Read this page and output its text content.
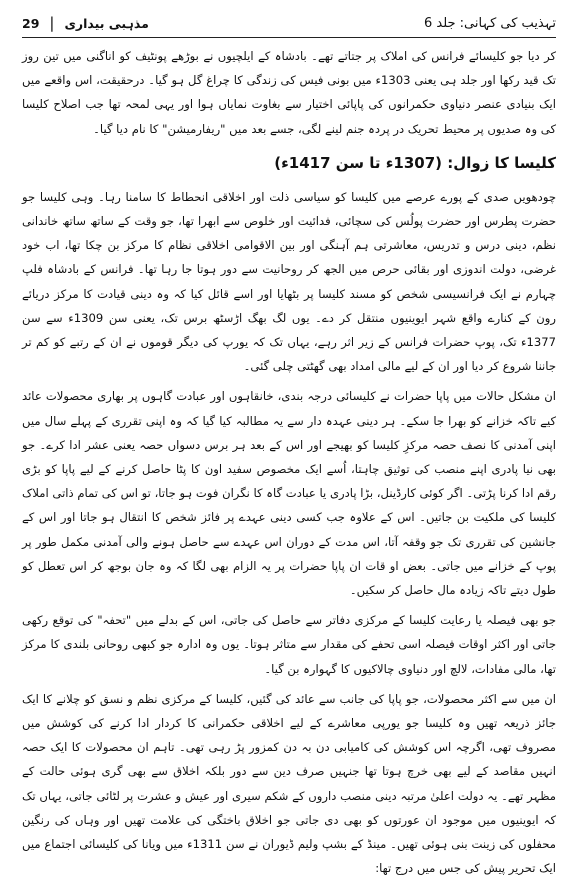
29 | مذہبی بیداری	تہذیب کی کہانی: جلد 6

کر دیا جو کلیسائے فرانس کی املاک پر جتاتے تھے۔ بادشاہ کے ایلچیوں نے بوڑھے پونٹیف کو اناگنی میں تین روز تک قید رکھا اور جلد ہی یعنی 1303ء میں بونی فیس کی زندگی کا چراغ گل ہو گیا۔ درحقیقت، اس واقعے میں ایک بنیادی عنصر دنیاوی حکمرانوں کی پاپائی اختیار سے بغاوت نمایاں ہوا اور یہی لمحہ تھا جب اصلاح کلیسا کی وہ صدیوں پر محیط تحریک در پردہ جنم لینے لگی، جسے بعد میں "ریفارمیشن" کا نام دیا گیا۔

کلیسا کا زوال: (1307ء تا سن 1417ء)

چودھویں صدی کے پورے عرصے میں کلیسا کو سیاسی ذلت اور اخلاقی انحطاط کا سامنا رہا۔ وہی کلیسا جو حضرت پطرس اور حضرت پولُس کی سچائی، فدائیت اور خلوص سے ابھرا تھا، جو وقت کے ساتھ ساتھ خاندانی نظم، دینی درس و تدریس، معاشرتی ہم آہنگی اور بین الاقوامی اخلاقی نظام کا مرکز بن چکا تھا، اب خود غرضی، دولت اندوزی اور بقائی حرص میں الجھ کر روحانیت سے دور ہوتا جا رہا تھا۔ فرانس کے بادشاہ فلپ چہارم نے ایک فرانسیسی شخص کو مسند کلیسا پر بٹھایا اور اسے قائل کیا کہ وہ دینی قیادت کا مرکز دریائے رون کے کنارے واقع شہر ایوینیوں منتقل کر دے۔ یوں لگ بھگ اڑسٹھ برس تک، یعنی سن 1309ء سے سن 1377ء تک، پوپ حضرات فرانس کے زیر اثر رہے، یہاں تک کہ یورپ کی دیگر قوموں نے ان کے رتبے کو کم تر جاننا شروع کر دیا اور ان کے لیے مالی امداد بھی گھٹتی چلی گئی۔

ان مشکل حالات میں پاپا حضرات نے کلیسائی درجہ بندی، خانقاہوں اور عبادت گاہوں پر بھاری محصولات عائد کیے تاکہ خزانے کو بھرا جا سکے۔ ہر دینی عہدہ دار سے یہ مطالبہ کیا گیا کہ وہ اپنی تقرری کے پہلے سال میں اپنی آمدنی کا نصف حصہ مرکزِ کلیسا کو بھیجے اور اس کے بعد ہر برس دسواں حصہ یعنی عشر ادا کرے۔ جو بھی نیا پادری اپنے منصب کی توثیق چاہتا، اُسے ایک مخصوص سفید اون کا پٹا حاصل کرنے کے لیے پاپا کو بڑی رقم ادا کرنا پڑتی۔ اگر کوئی کارڈینل، بڑا پادری یا عبادت گاہ کا نگران فوت ہو جاتا، تو اس کی تمام ذاتی املاک کلیسا کی ملکیت بن جاتیں۔ اس کے علاوہ جب کسی دینی عہدے پر فائز شخص کا انتقال ہو جاتا اور اس کے جانشین کی تقرری تک جو وقفہ آتا، اس مدت کے دوران اس عہدے سے حاصل ہونے والی آمدنی مکمل طور پر پوپ کے خزانے میں جاتی۔ بعض او قات ان پاپا حضرات پر یہ الزام بھی لگا کہ وہ جان بوجھ کر اس تعطل کو طول دیتے تاکہ زیادہ مال حاصل کر سکیں۔

جو بھی فیصلہ یا رعایت کلیسا کے مرکزی دفاتر سے حاصل کی جاتی، اس کے بدلے میں "تحفہ" کی توقع رکھی جاتی اور اکثر اوقات فیصلہ اسی تحفے کی مقدار سے متاثر ہوتا۔ یوں وہ ادارہ جو کبھی روحانی بلندی کا مرکز تھا، مالی مفادات، لالچ اور دنیاوی چالاکیوں کا گہوارہ بن گیا۔

ان میں سے اکثر محصولات، جو پاپا کی جانب سے عائد کی گئیں، کلیسا کے مرکزی نظم و نسق کو چلانے کا ایک جائز ذریعہ تھیں وہ کلیسا جو یورپی معاشرے کے لیے اخلاقی حکمرانی کا کردار ادا کرنے کی کوشش میں مصروف تھی، اگرچہ اس کوشش کی کامیابی دن بہ دن کمزور پڑ رہی تھی۔ تاہم ان محصولات کا ایک حصہ انہیں مقاصد کے لیے بھی خرچ ہوتا تھا جنہیں صرف دین سے دور بلکہ اخلاق سے بھی گری ہوئی حالت کے مظہر تھے۔ یہ دولت اعلیٰ مرتبہ دینی منصب داروں کے شکم سیری اور عیش و عشرت پر لٹائی جاتی، یہاں تک کہ ایوینیوں میں موجود ان عورتوں کو بھی دی جاتی جو اخلاق باختگی کی علامت تھیں اور وہاں کی رنگین محفلوں کی زینت بنی ہوئی تھیں۔ مینڈ کے بشپ ولیم ڈیوران نے سن 1311ء میں ویانا کی کلیسائی اجتماع میں ایک تحریر پیش کی جس میں درج تھا:
